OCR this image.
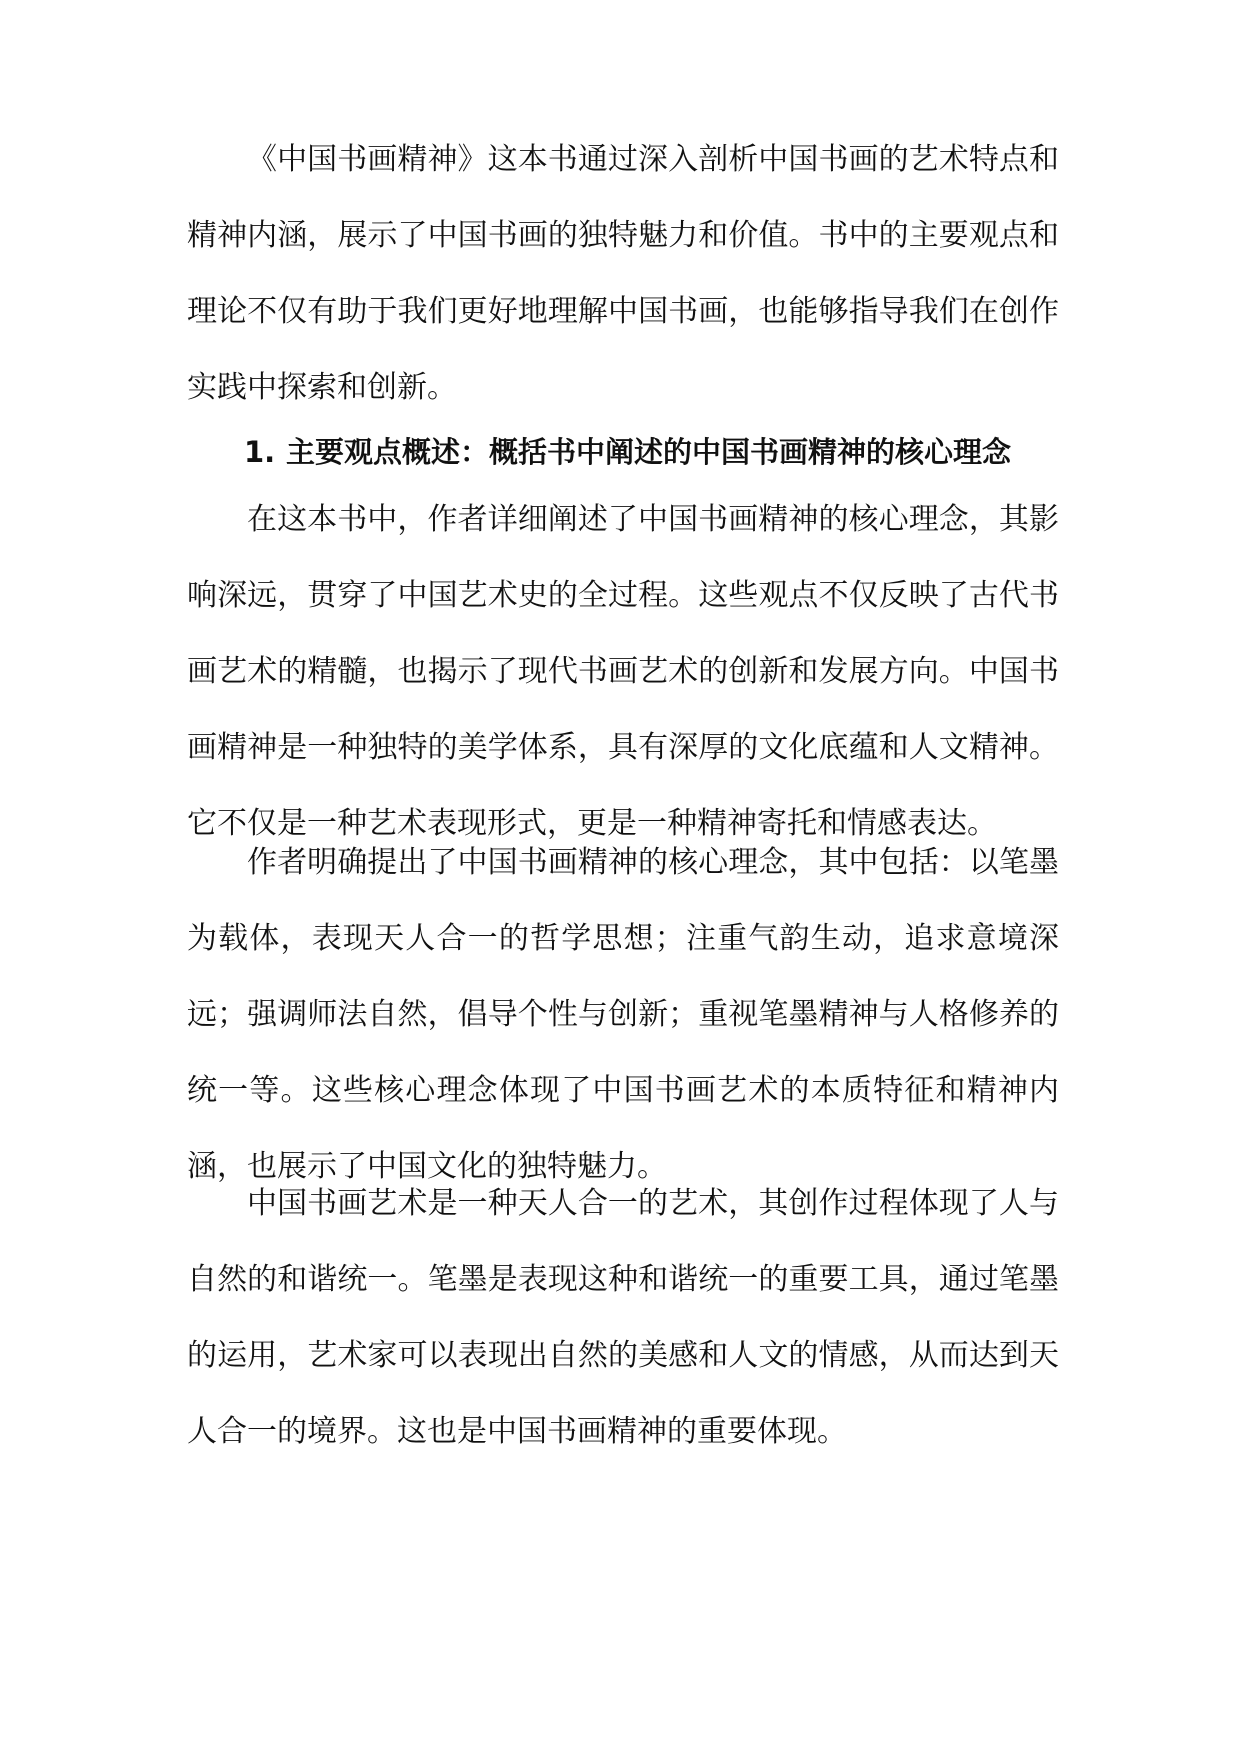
《中国书画精神》这本书通过深入剖析中国书画的艺术特点和精神内涵，展示了中国书画的独特魅力和价值。书中的主要观点和理论不仅有助于我们更好地理解中国书画，也能够指导我们在创作实践中探索和创新。

1. 主要观点概述：概括书中阐述的中国书画精神的核心理念

在这本书中，作者详细阐述了中国书画精神的核心理念，其影响深远，贯穿了中国艺术史的全过程。这些观点不仅反映了古代书画艺术的精髓，也揭示了现代书画艺术的创新和发展方向。中国书画精神是一种独特的美学体系，具有深厚的文化底蕴和人文精神。它不仅是一种艺术表现形式，更是一种精神寄托和情感表达。

作者明确提出了中国书画精神的核心理念，其中包括：以笔墨为载体，表现天人合一的哲学思想；注重气韵生动，追求意境深远；强调师法自然，倡导个性与创新；重视笔墨精神与人格修养的统一等。这些核心理念体现了中国书画艺术的本质特征和精神内涵，也展示了中国文化的独特魅力。

中国书画艺术是一种天人合一的艺术，其创作过程体现了人与自然的和谐统一。笔墨是表现这种和谐统一的重要工具，通过笔墨的运用，艺术家可以表现出自然的美感和人文的情感，从而达到天人合一的境界。这也是中国书画精神的重要体现。
